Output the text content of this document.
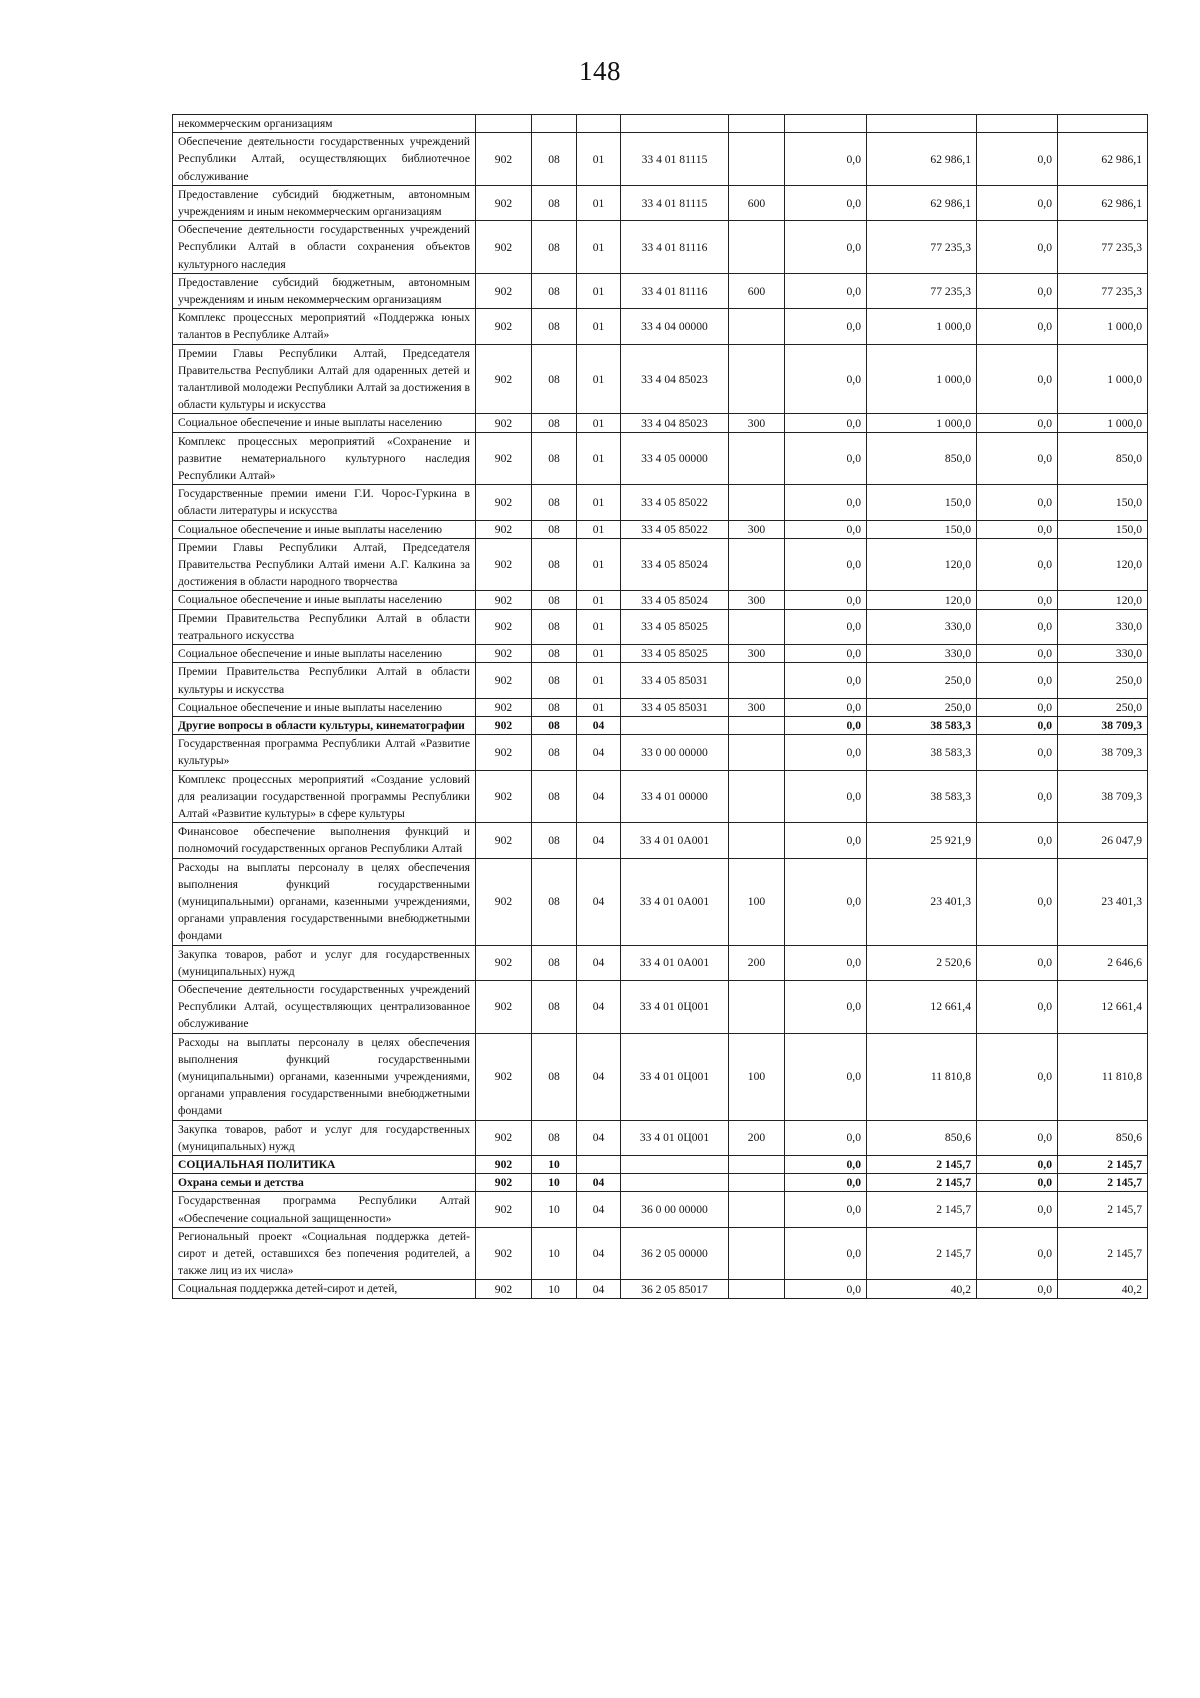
148
некоммерческим организациям									
Обеспечение деятельности государственных учреждений Республики Алтай, осуществляющих библиотечное обслуживание	902	08	01	33 4 01 81115		0,0	62 986,1	0,0	62 986,1
Предоставление субсидий бюджетным, автономным учреждениям и иным некоммерческим организациям	902	08	01	33 4 01 81115	600	0,0	62 986,1	0,0	62 986,1
Обеспечение деятельности государственных учреждений Республики Алтай в области сохранения объектов культурного наследия	902	08	01	33 4 01 81116		0,0	77 235,3	0,0	77 235,3
Предоставление субсидий бюджетным, автономным учреждениям и иным некоммерческим организациям	902	08	01	33 4 01 81116	600	0,0	77 235,3	0,0	77 235,3
Комплекс процессных мероприятий «Поддержка юных талантов в Республике Алтай»	902	08	01	33 4 04 00000		0,0	1 000,0	0,0	1 000,0
Премии Главы Республики Алтай, Председателя Правительства Республики Алтай для одаренных детей и талантливой молодежи Республики Алтай за достижения в области культуры и искусства	902	08	01	33 4 04 85023		0,0	1 000,0	0,0	1 000,0
Социальное обеспечение и иные выплаты населению	902	08	01	33 4 04 85023	300	0,0	1 000,0	0,0	1 000,0
Комплекс процессных мероприятий «Сохранение и развитие нематериального культурного наследия Республики Алтай»	902	08	01	33 4 05 00000		0,0	850,0	0,0	850,0
Государственные премии имени Г.И. Чорос-Гуркина в области литературы и искусства	902	08	01	33 4 05 85022		0,0	150,0	0,0	150,0
Социальное обеспечение и иные выплаты населению	902	08	01	33 4 05 85022	300	0,0	150,0	0,0	150,0
Премии Главы Республики Алтай, Председателя Правительства Республики Алтай имени А.Г. Калкина за достижения в области народного творчества	902	08	01	33 4 05 85024		0,0	120,0	0,0	120,0
Социальное обеспечение и иные выплаты населению	902	08	01	33 4 05 85024	300	0,0	120,0	0,0	120,0
Премии Правительства Республики Алтай в области театрального искусства	902	08	01	33 4 05 85025		0,0	330,0	0,0	330,0
Социальное обеспечение и иные выплаты населению	902	08	01	33 4 05 85025	300	0,0	330,0	0,0	330,0
Премии Правительства Республики Алтай в области культуры и искусства	902	08	01	33 4 05 85031		0,0	250,0	0,0	250,0
Социальное обеспечение и иные выплаты населению	902	08	01	33 4 05 85031	300	0,0	250,0	0,0	250,0
Другие вопросы в области культуры, кинематографии	902	08	04			0,0	38 583,3	0,0	38 709,3
Государственная программа Республики Алтай «Развитие культуры»	902	08	04	33 0 00 00000		0,0	38 583,3	0,0	38 709,3
Комплекс процессных мероприятий «Создание условий для реализации государственной программы Республики Алтай «Развитие культуры» в сфере культуры	902	08	04	33 4 01 00000		0,0	38 583,3	0,0	38 709,3
Финансовое обеспечение выполнения функций и полномочий государственных органов Республики Алтай	902	08	04	33 4 01 0А001		0,0	25 921,9	0,0	26 047,9
Расходы на выплаты персоналу в целях обеспечения выполнения функций государственными (муниципальными) органами, казенными учреждениями, органами управления государственными внебюджетными фондами	902	08	04	33 4 01 0А001	100	0,0	23 401,3	0,0	23 401,3
Закупка товаров, работ и услуг для государственных (муниципальных) нужд	902	08	04	33 4 01 0А001	200	0,0	2 520,6	0,0	2 646,6
Обеспечение деятельности государственных учреждений Республики Алтай, осуществляющих централизованное обслуживание	902	08	04	33 4 01 0Ц001		0,0	12 661,4	0,0	12 661,4
Расходы на выплаты персоналу в целях обеспечения выполнения функций государственными (муниципальными) органами, казенными учреждениями, органами управления государственными внебюджетными фондами	902	08	04	33 4 01 0Ц001	100	0,0	11 810,8	0,0	11 810,8
Закупка товаров, работ и услуг для государственных (муниципальных) нужд	902	08	04	33 4 01 0Ц001	200	0,0	850,6	0,0	850,6
СОЦИАЛЬНАЯ ПОЛИТИКА	902	10				0,0	2 145,7	0,0	2 145,7
Охрана семьи и детства	902	10	04			0,0	2 145,7	0,0	2 145,7
Государственная программа Республики Алтай «Обеспечение социальной защищенности»	902	10	04	36 0 00 00000		0,0	2 145,7	0,0	2 145,7
Региональный проект «Социальная поддержка детей-сирот и детей, оставшихся без попечения родителей, а также лиц из их числа»	902	10	04	36 2 05 00000		0,0	2 145,7	0,0	2 145,7
Социальная поддержка детей-сирот и детей,	902	10	04	36 2 05 85017		0,0	40,2	0,0	40,2
